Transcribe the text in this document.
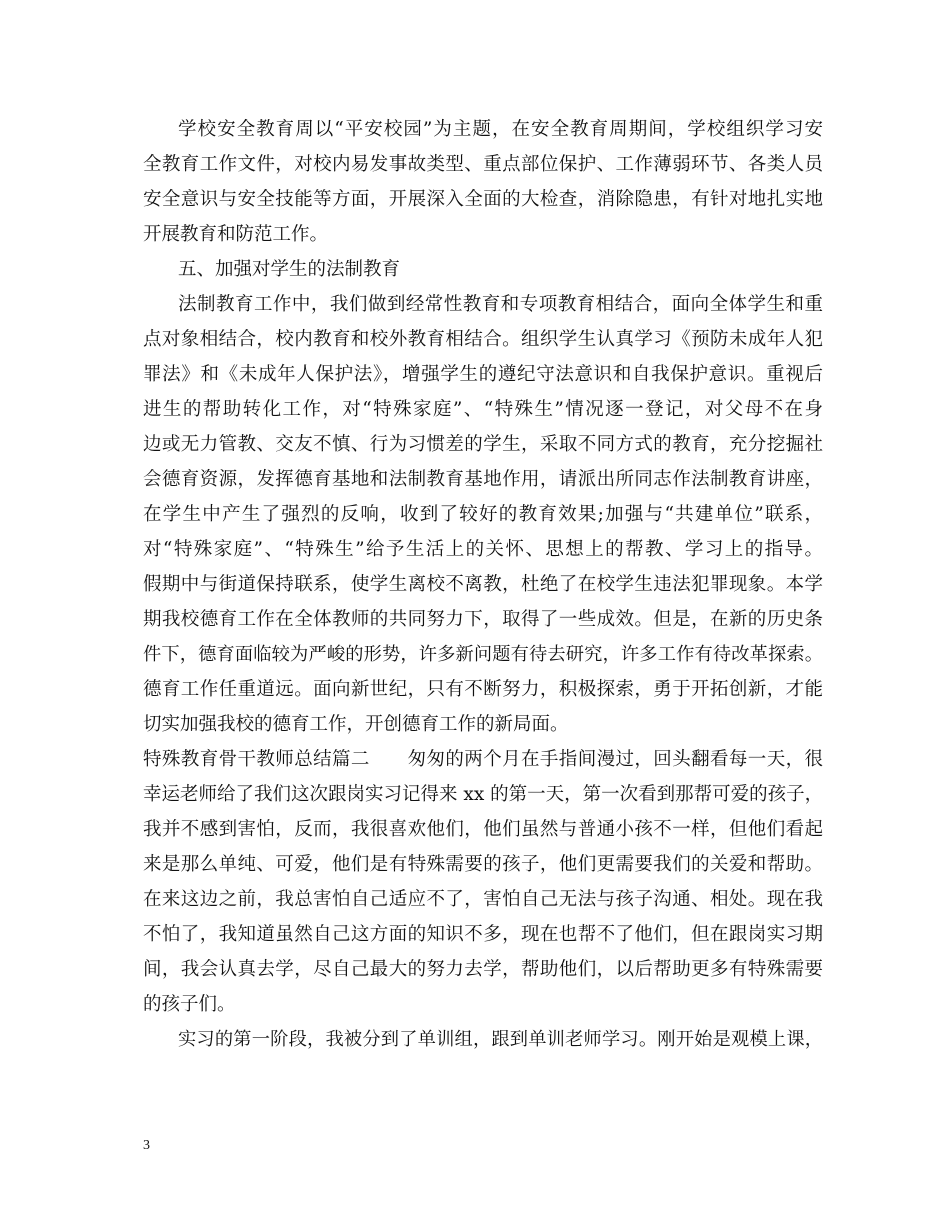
学校安全教育周以“平安校园”为主题，在安全教育周期间，学校组织学习安
全教育工作文件，对校内易发事故类型、重点部位保护、工作薄弱环节、各类人员
安全意识与安全技能等方面，开展深入全面的大检查，消除隐患，有针对地扎实地
开展教育和防范工作。
五、加强对学生的法制教育
法制教育工作中，我们做到经常性教育和专项教育相结合，面向全体学生和重
点对象相结合，校内教育和校外教育相结合。组织学生认真学习《预防未成年人犯
罪法》和《未成年人保护法》，增强学生的遵纪守法意识和自我保护意识。重视后
进生的帮助转化工作，对“特殊家庭”、“特殊生”情况逐一登记，对父母不在身
边或无力管教、交友不慎、行为习惯差的学生，采取不同方式的教育，充分挖掘社
会德育资源，发挥德育基地和法制教育基地作用，请派出所同志作法制教育讲座，
在学生中产生了强烈的反响，收到了较好的教育效果;加强与“共建单位”联系，
对“特殊家庭”、“特殊生”给予生活上的关怀、思想上的帮教、学习上的指导。
假期中与街道保持联系，使学生离校不离教，杜绝了在校学生违法犯罪现象。本学
期我校德育工作在全体教师的共同努力下，取得了一些成效。但是，在新的历史条
件下，德育面临较为严峻的形势，许多新问题有待去研究，许多工作有待改革探索。
德育工作任重道远。面向新世纪，只有不断努力，积极探索，勇于开拓创新，才能
切实加强我校的德育工作，开创德育工作的新局面。
特殊教育骨干教师总结篇二　　匆匆的两个月在手指间漫过，回头翻看每一天，很
幸运老师给了我们这次跟岗实习记得来 xx 的第一天，第一次看到那帮可爱的孩子，
我并不感到害怕，反而，我很喜欢他们，他们虽然与普通小孩不一样，但他们看起
来是那么单纯、可爱，他们是有特殊需要的孩子，他们更需要我们的关爱和帮助。
在来这边之前，我总害怕自己适应不了，害怕自己无法与孩子沟通、相处。现在我
不怕了，我知道虽然自己这方面的知识不多，现在也帮不了他们，但在跟岗实习期
间，我会认真去学，尽自己最大的努力去学，帮助他们，以后帮助更多有特殊需要
的孩子们。
实习的第一阶段，我被分到了单训组，跟到单训老师学习。刚开始是观模上课，
3
